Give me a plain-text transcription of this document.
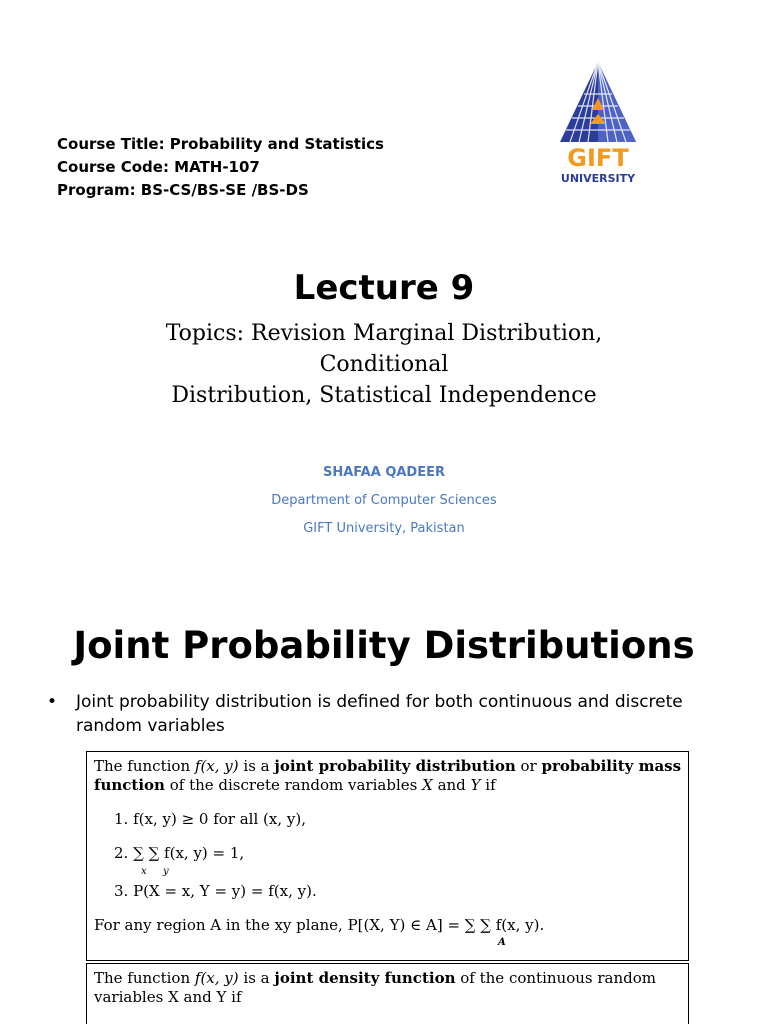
Course Title: Probability and Statistics
Course Code: MATH-107
Program: BS-CS/BS-SE /BS-DS
GIFT
UNIVERSITY
Lecture 9
Topics: Revision Marginal Distribution, Conditional
Distribution, Statistical Independence
SHAFAA QADEER
Department of Computer Sciences
GIFT University, Pakistan
Joint Probability Distributions
• Joint probability distribution is defined for both continuous and discrete random variables
The function f(x, y) is a joint probability distribution or probability mass
function of the discrete random variables X and Y if
1. f(x, y) ≥ 0 for all (x, y),
2. ∑ ∑ f(x, y) = 1,
x y
3. P(X = x, Y = y) = f(x, y).
For any region A in the xy plane, P[(X, Y) ∈ A] = ∑ ∑ f(x, y).
A
The function f(x, y) is a joint density function of the continuous random
variables X and Y if
